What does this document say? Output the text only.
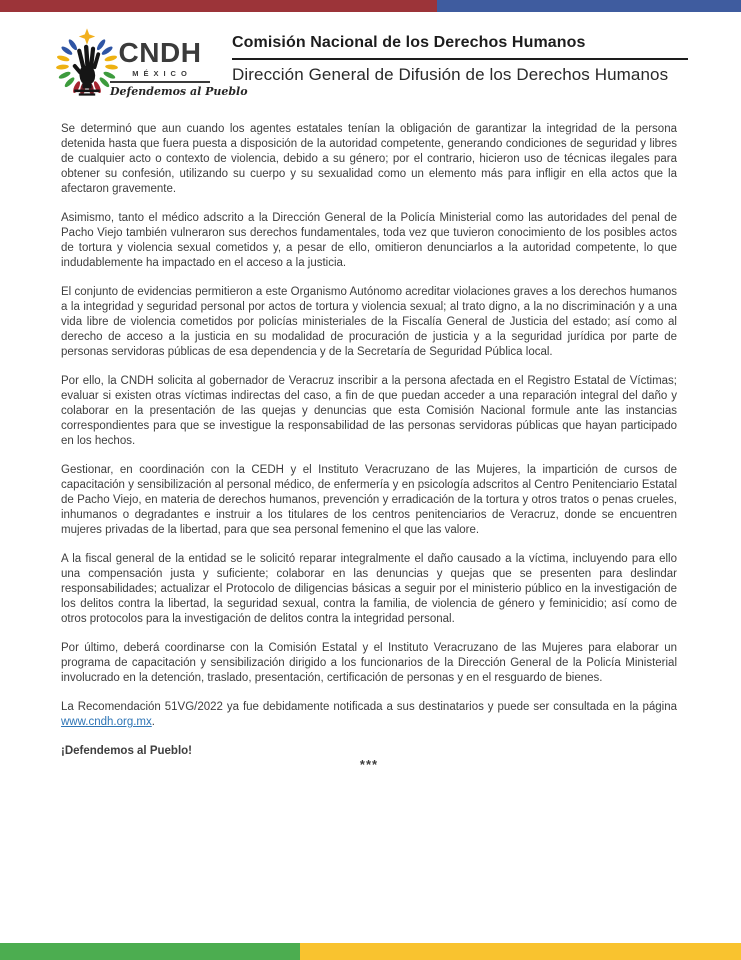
CNDH
MÉXICO
Defendemos al Pueblo
Comisión Nacional de los Derechos Humanos
Dirección General de Difusión de los Derechos Humanos

Se determinó que aun cuando los agentes estatales tenían la obligación de garantizar la integridad de la persona detenida hasta que fuera puesta a disposición de la autoridad competente, generando condiciones de seguridad y libres de cualquier acto o contexto de violencia, debido a su género; por el contrario, hicieron uso de técnicas ilegales para obtener su confesión, utilizando su cuerpo y su sexualidad como un elemento más para infligir en ella actos que la afectaron gravemente.

Asimismo, tanto el médico adscrito a la Dirección General de la Policía Ministerial como las autoridades del penal de Pacho Viejo también vulneraron sus derechos fundamentales, toda vez que tuvieron conocimiento de los posibles actos de tortura y violencia sexual cometidos y, a pesar de ello, omitieron denunciarlos a la autoridad competente, lo que indudablemente ha impactado en el acceso a la justicia.

El conjunto de evidencias permitieron a este Organismo Autónomo acreditar violaciones graves a los derechos humanos a la integridad y seguridad personal por actos de tortura y violencia sexual; al trato digno, a la no discriminación y a una vida libre de violencia cometidos por policías ministeriales de la Fiscalía General de Justicia del estado; así como al derecho de acceso a la justicia en su modalidad de procuración de justicia y a la seguridad jurídica por parte de personas servidoras públicas de esa dependencia y de la Secretaría de Seguridad Pública local.

Por ello, la CNDH solicita al gobernador de Veracruz inscribir a la persona afectada en el Registro Estatal de Víctimas; evaluar si existen otras víctimas indirectas del caso, a fin de que puedan acceder a una reparación integral del daño y colaborar en la presentación de las quejas y denuncias que esta Comisión Nacional formule ante las instancias correspondientes para que se investigue la responsabilidad de las personas servidoras públicas que hayan participado en los hechos.

Gestionar, en coordinación con la CEDH y el Instituto Veracruzano de las Mujeres, la impartición de cursos de capacitación y sensibilización al personal médico, de enfermería y en psicología adscritos al Centro Penitenciario Estatal de Pacho Viejo, en materia de derechos humanos, prevención y erradicación de la tortura y otros tratos o penas crueles, inhumanos o degradantes e instruir a los titulares de los centros penitenciarios de Veracruz, donde se encuentren mujeres privadas de la libertad, para que sea personal femenino el que las valore.

A la fiscal general de la entidad se le solicitó reparar integralmente el daño causado a la víctima, incluyendo para ello una compensación justa y suficiente; colaborar en las denuncias y quejas que se presenten para deslindar responsabilidades; actualizar el Protocolo de diligencias básicas a seguir por el ministerio público en la investigación de los delitos contra la libertad, la seguridad sexual, contra la familia, de violencia de género y feminicidio; así como de otros protocolos para la investigación de delitos contra la integridad personal.

Por último, deberá coordinarse con la Comisión Estatal y el Instituto Veracruzano de las Mujeres para elaborar un programa de capacitación y sensibilización dirigido a los funcionarios de la Dirección General de la Policía Ministerial involucrado en la detención, traslado, presentación, certificación de personas y en el resguardo de bienes.

La Recomendación 51VG/2022 ya fue debidamente notificada a sus destinatarios y puede ser consultada en la página www.cndh.org.mx.

¡Defendemos al Pueblo!

***
